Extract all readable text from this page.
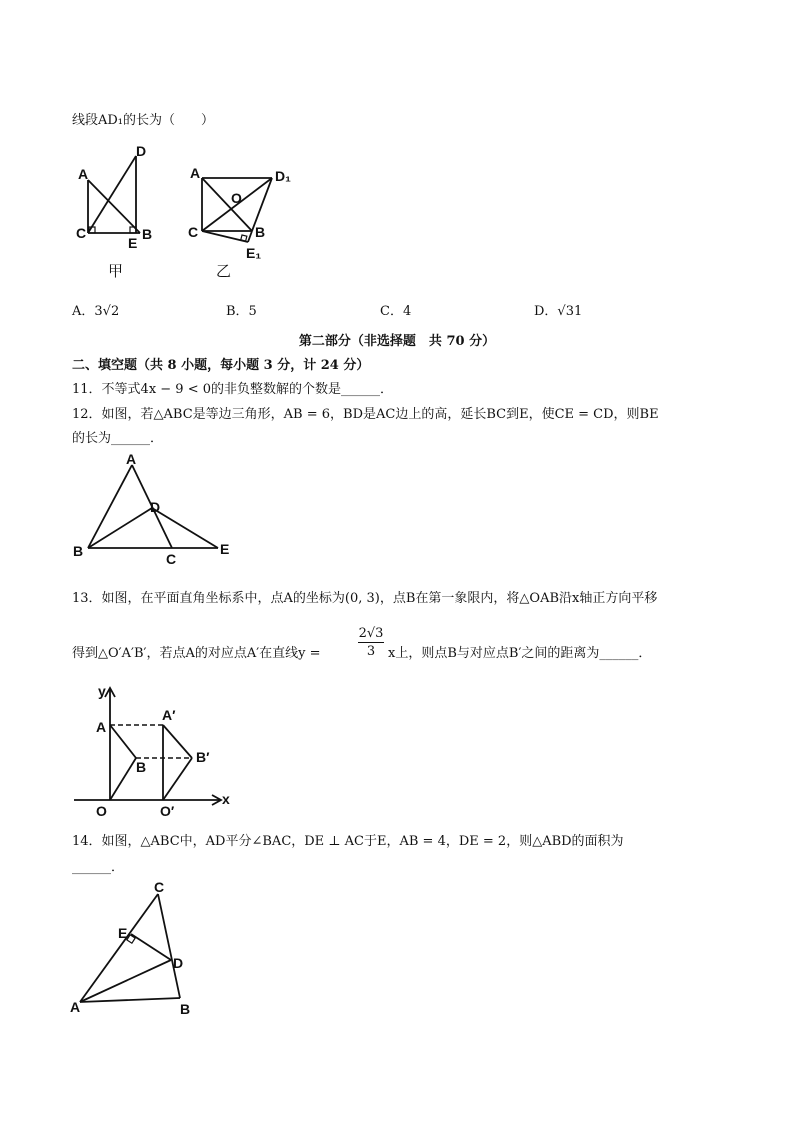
线段AD₁的长为（　　）
A
D
C
E
B
甲
A	D₁
O
C	B
E₁
乙
A．3√2	B．5	C．4	D．√31
第二部分（非选择题　共 70 分）
二、填空题（共 8 小题，每小题 3 分，计 24 分）
11．不等式4x − 9 < 0的非负整数解的个数是______．
12．如图，若△ABC是等边三角形，AB = 6，BD是AC边上的高，延长BC到E，使CE = CD，则BE
的长为______．
A
D
B	C
E
13．如图，在平面直角坐标系中，点A的坐标为(0, 3)，点B在第一象限内，将△OAB沿x轴正方向平移
得到△O′A′B′，若点A的对应点A′在直线y =	$\frac{2√3}{3}$ x上，则点B与对应点B′之间的距离为______．
y
A
A′
B
B′
O	O′
x
14．如图，△ABC中，AD平分∠BAC，DE ⊥ AC于E，AB = 4，DE = 2，则△ABD的面积为
______．
C
E
D
A	B
